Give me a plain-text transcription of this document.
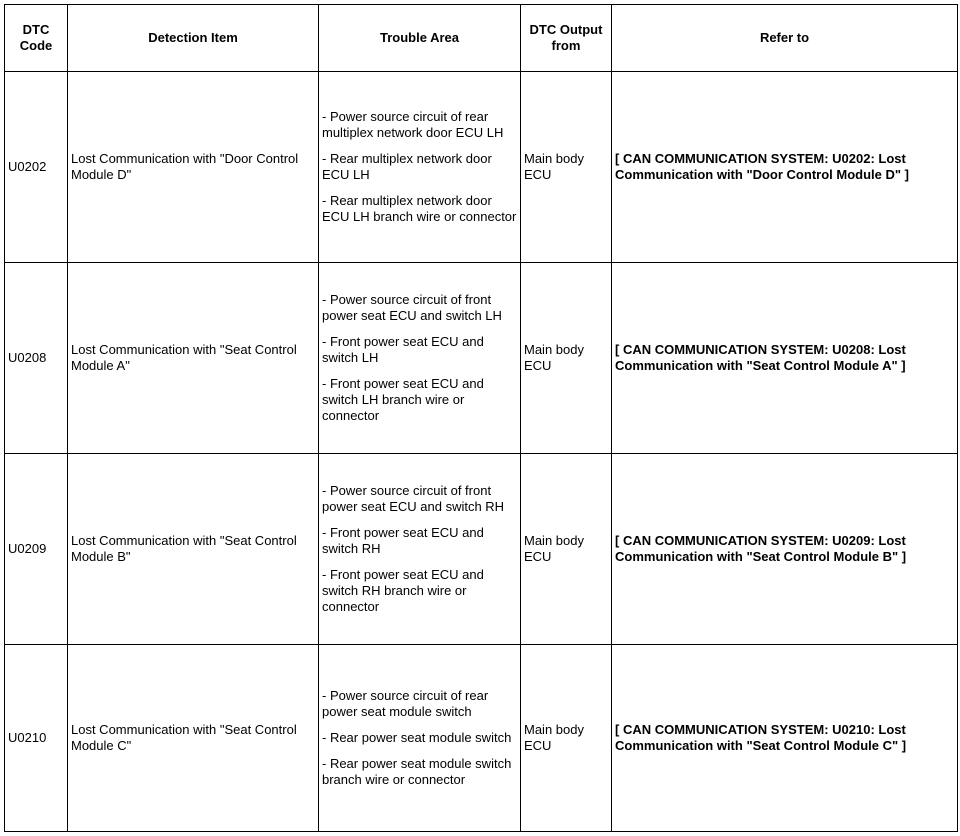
DTC Code	Detection Item	Trouble Area	DTC Output from	Refer to
U0202	Lost Communication with "Door Control Module D"	- Power source circuit of rear multiplex network door ECU LH

- Rear multiplex network door ECU LH

- Rear multiplex network door ECU LH branch wire or connector	Main body ECU	[ CAN COMMUNICATION SYSTEM: U0202: Lost Communication with "Door Control Module D" ]
U0208	Lost Communication with "Seat Control Module A"	- Power source circuit of front power seat ECU and switch LH

- Front power seat ECU and switch LH

- Front power seat ECU and switch LH branch wire or connector	Main body ECU	[ CAN COMMUNICATION SYSTEM: U0208: Lost Communication with "Seat Control Module A" ]
U0209	Lost Communication with "Seat Control Module B"	- Power source circuit of front power seat ECU and switch RH

- Front power seat ECU and switch RH

- Front power seat ECU and switch RH branch wire or connector	Main body ECU	[ CAN COMMUNICATION SYSTEM: U0209: Lost Communication with "Seat Control Module B" ]
U0210	Lost Communication with "Seat Control Module C"	- Power source circuit of rear power seat module switch

- Rear power seat module switch

- Rear power seat module switch branch wire or connector	Main body ECU	[ CAN COMMUNICATION SYSTEM: U0210: Lost Communication with "Seat Control Module C" ]
